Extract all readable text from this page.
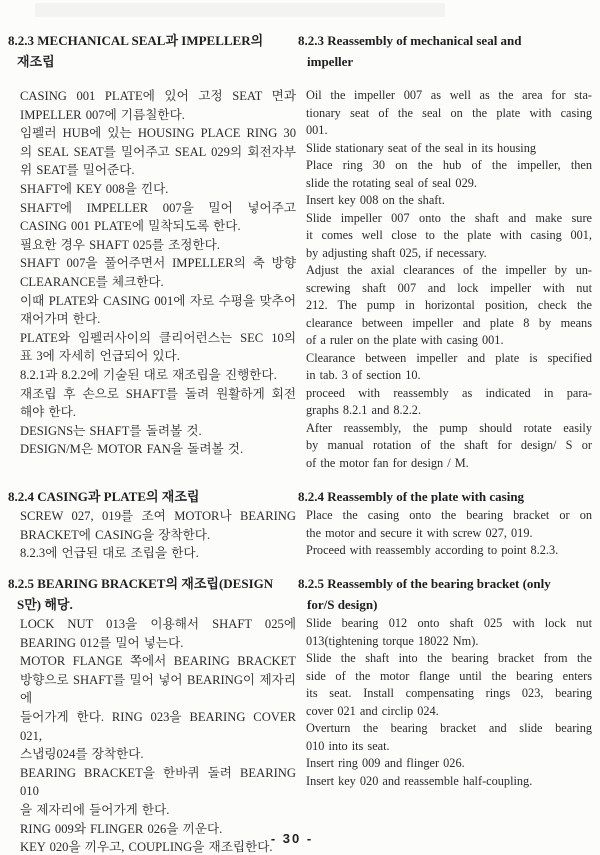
8.2.3 MECHANICAL SEAL과 IMPELLER의
재조립
CASING 001 PLATE에 있어 고정 SEAT 면과
IMPELLER 007에 기름칠한다.
임펠러 HUB에 있는 HOUSING PLACE RING 30
의 SEAL SEAT를 밀어주고 SEAL 029의 회전자부
위 SEAT를 밀어준다.
SHAFT에 KEY 008을 낀다.
SHAFT에 IMPELLER 007을 밀어 넣어주고
CASING 001 PLATE에 밀착되도록 한다.
필요한 경우 SHAFT 025를 조정한다.
SHAFT 007을 풀어주면서 IMPELLER의 축 방향
CLEARANCE를 체크한다.
이때 PLATE와 CASING 001에 자로 수평을 맞추어
재어가며 한다.
PLATE와 임펠러사이의 클리어런스는 SEC 10의
표 3에 자세히 언급되어 있다.
8.2.1과 8.2.2에 기술된 대로 재조립을 진행한다.
재조립 후 손으로 SHAFT를 돌려 원활하게 회전
해야 한다.
DESIGNS는 SHAFT를 돌려볼 것.
DESIGN/M은 MOTOR FAN을 돌려볼 것.
8.2.3 Reassembly of mechanical seal and
impeller
Oil the impeller 007 as well as the area for sta-
tionary seat of the seal on the plate with casing
001.
Slide stationary seat of the seal in its housing
Place ring 30 on the hub of the impeller, then
slide the rotating seal of seal 029.
Insert key 008 on the shaft.
Slide impeller 007 onto the shaft and make sure
it comes well close to the plate with casing 001,
by adjusting shaft 025, if necessary.
Adjust the axial clearances of the impeller by un-
screwing shaft 007 and lock impeller with nut
212. The pump in horizontal position, check the
clearance between impeller and plate 8 by means
of a ruler on the plate with casing 001.
Clearance between impeller and plate is specified
in tab. 3 of section 10.
proceed with reassembly as indicated in para-
graphs 8.2.1 and 8.2.2.
After reassembly, the pump should rotate easily
by manual rotation of the shaft for design/ S or
of the motor fan for design / M.
8.2.4 CASING과 PLATE의 재조립
SCREW 027, 019를 조여 MOTOR나 BEARING
BRACKET에 CASING을 장착한다.
8.2.3에 언급된 대로 조립을 한다.
8.2.4 Reassembly of the plate with casing
Place the casing onto the bearing bracket or on
the motor and secure it with screw 027, 019.
Proceed with reassembly according to point 8.2.3.
8.2.5 BEARING BRACKET의 재조립(DESIGN
S만) 해당.
LOCK NUT 013을 이용해서 SHAFT 025에
BEARING 012를 밀어 넣는다.
MOTOR FLANGE 쪽에서 BEARING BRACKET
방향으로 SHAFT를 밀어 넣어 BEARING이 제자리에
들어가게 한다. RING 023을 BEARING COVER 021,
스냅링024를 장착한다.
BEARING BRACKET을 한바퀴 돌려 BEARING 010
을 제자리에 들어가게 한다.
RING 009와 FLINGER 026을 끼운다.
KEY 020을 끼우고, COUPLING을 재조립한다.
8.2.5 Reassembly of the bearing bracket (only
for/S design)
Slide bearing 012 onto shaft 025 with lock nut
013(tightening torque 18022 Nm).
Slide the shaft into the bearing bracket from the
side of the motor flange until the bearing enters
its seat. Install compensating rings 023, bearing
cover 021 and circlip 024.
Overturn the bearing bracket and slide bearing
010 into its seat.
Insert ring 009 and flinger 026.
Insert key 020 and reassemble half-coupling.
- 30 -
